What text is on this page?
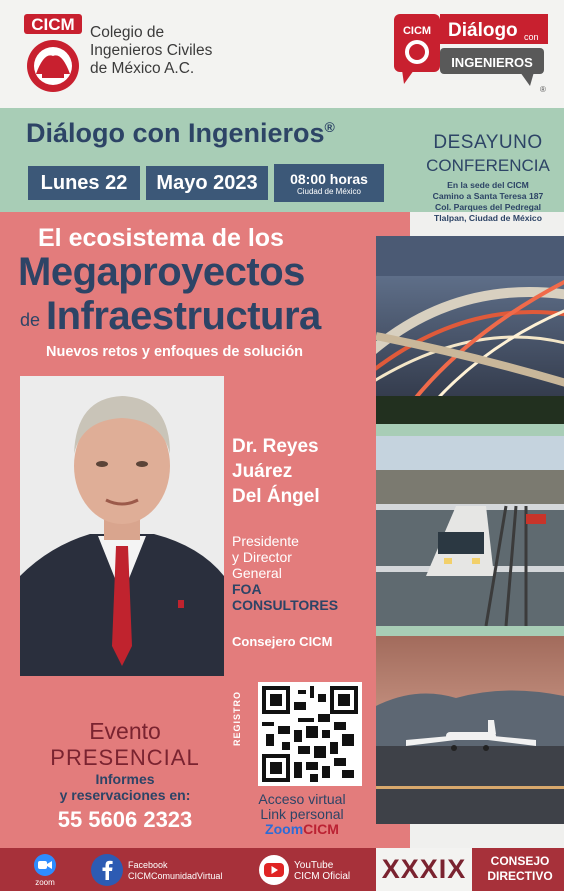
CICM Colegio de
Ingenieros Civiles
de México A.C.
CICM Diálogo con
INGENIEROS
®
Diálogo con Ingenieros®
Lunes 22	Mayo 2023	08:00 horas
Ciudad de México
DESAYUNO
CONFERENCIA
En la sede del CICM
Camino a Santa Teresa 187
Col. Parques del Pedregal
Tlalpan, Ciudad de México
El ecosistema de los
Megaproyectos
de Infraestructura
Nuevos retos y enfoques de solución
Dr. Reyes
Juárez
Del Ángel
Presidente
y Director
General
FOA
CONSULTORES
Consejero CICM
Evento
PRESENCIAL
Informes
y reservaciones en:
55 5606 2323
REGISTRO
Acceso virtual
Link personal
ZoomCICM
zoom
Facebook
CICMComunidadVirtual
YouTube
CICM Oficial XXXIX	CONSEJO
DIRECTIVO
